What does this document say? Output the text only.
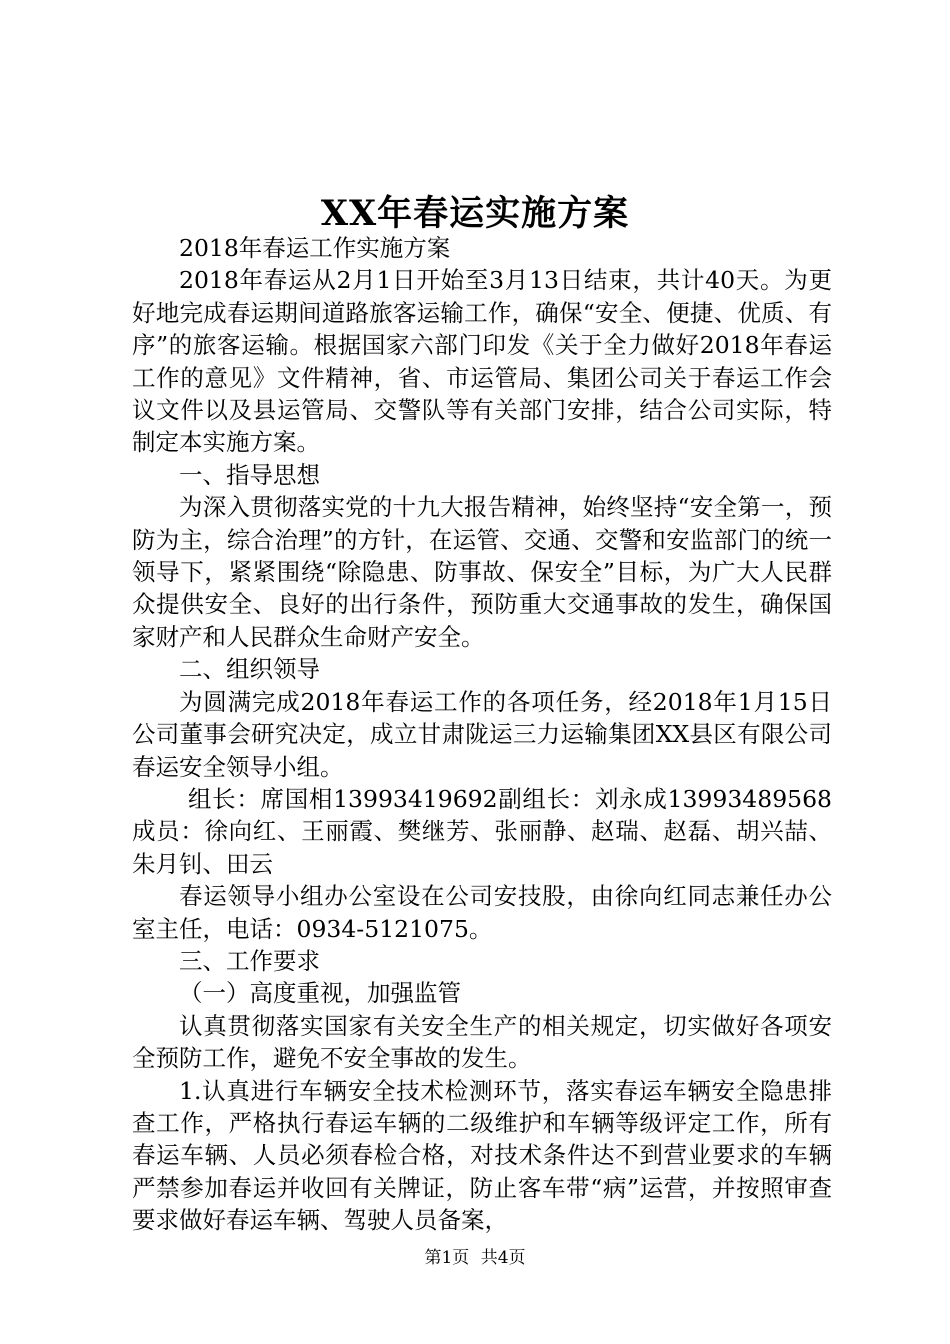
XX年春运实施方案

2018年春运工作实施方案

2018年春运从2月1日开始至3月13日结束，共计40天。为更好地完成春运期间道路旅客运输工作，确保“安全、便捷、优质、有序”的旅客运输。根据国家六部门印发《关于全力做好2018年春运工作的意见》文件精神，省、市运管局、集团公司关于春运工作会议文件以及县运管局、交警队等有关部门安排，结合公司实际，特制定本实施方案。

一、指导思想

为深入贯彻落实党的十九大报告精神，始终坚持“安全第一，预防为主，综合治理”的方针，在运管、交通、交警和安监部门的统一领导下，紧紧围绕“除隐患、防事故、保安全”目标，为广大人民群众提供安全、良好的出行条件，预防重大交通事故的发生，确保国家财产和人民群众生命财产安全。

二、组织领导

为圆满完成2018年春运工作的各项任务，经2018年1月15日公司董事会研究决定，成立甘肃陇运三力运输集团XX县区有限公司春运安全领导小组。

组长：席国相13993419692副组长：刘永成13993489568成员：徐向红、王丽霞、樊继芳、张丽静、赵瑞、赵磊、胡兴喆、朱月钊、田云

春运领导小组办公室设在公司安技股，由徐向红同志兼任办公室主任，电话：0934-5121075。

三、工作要求

（一）高度重视，加强监管

认真贯彻落实国家有关安全生产的相关规定，切实做好各项安全预防工作，避免不安全事故的发生。

1.认真进行车辆安全技术检测环节，落实春运车辆安全隐患排查工作，严格执行春运车辆的二级维护和车辆等级评定工作，所有春运车辆、人员必须春检合格，对技术条件达不到营业要求的车辆严禁参加春运并收回有关牌证，防止客车带“病”运营，并按照审查要求做好春运车辆、驾驶人员备案，

第1页 共4页
